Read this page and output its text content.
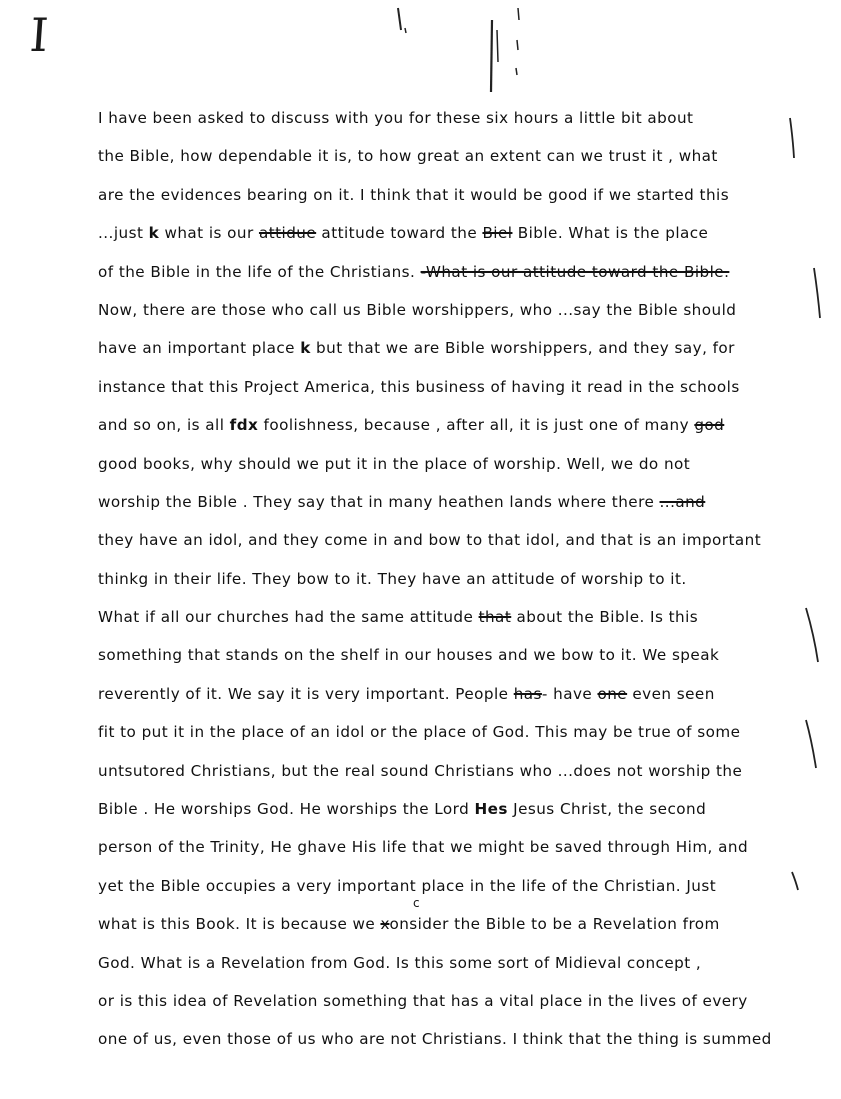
I
c
I have been asked to discuss with you for these six hours a little bit about
the Bible, how dependable it is, to how great an extent can we trust it , what
are the evidences bearing on it. I think that it would be good if we started this
...just k what is our attidue attitude toward the Biel Bible. What is the place
of the Bible in the life of the Christians. -What is our attitude toward the Bible.
Now, there are those who call us Bible worshippers, who ...say the Bible should
have an important place k but that we are Bible worshippers, and they say, for
instance that this Project America, this business of having it read in the schools
and so on, is all fdx foolishness, because , after all, it is just one of many god
good books, why should we put it in the place of worship. Well, we do not
worship the Bible . They say that in many heathen lands where there ...and
they have an idol, and they come in and bow to that idol, and that is an important
thinkg in their life. They bow to it. They have an attitude of worship to it.
What if all our churches had the same attitude that about the Bible. Is this
something that stands on the shelf in our houses and we bow to it. We speak
reverently of it. We say it is very important. People has- have one even seen
fit to put it in the place of an idol or the place of God. This may be true of some
untsutored Christians, but the real sound Christians who ...does not worship the
Bible . He worships God. He worships the Lord Hes Jesus Christ, the second
person of the Trinity, He ghave His life that we might be saved through Him, and
yet the Bible occupies a very important place in the life of the Christian. Just
what is this Book. It is because we xonsider the Bible to be a Revelation from
God. What is a Revelation from God. Is this some sort of Midieval concept ,
or is this idea of Revelation something that has a vital place in the lives of every
one of us, even those of us who are not Christians. I think that the thing is summed
